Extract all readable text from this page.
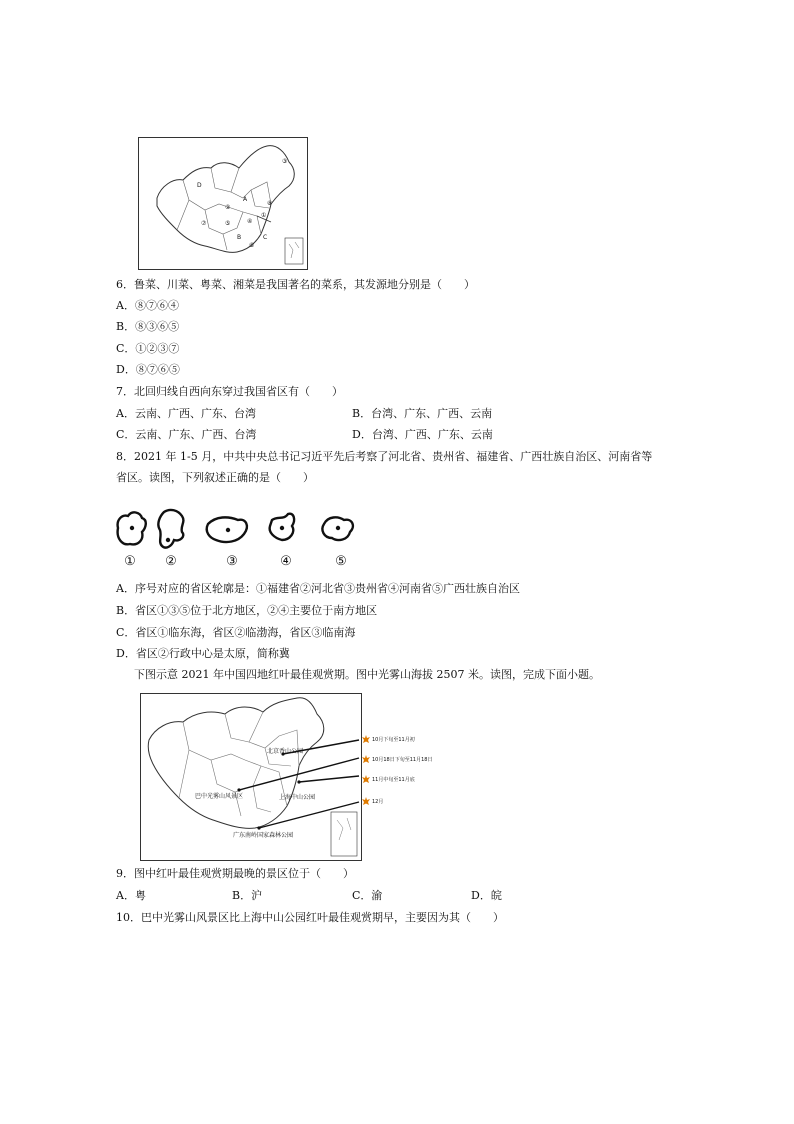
③
D
A
B	C
⑦
②
④
⑤
⑥
⑧
①
6．鲁菜、川菜、粤菜、湘菜是我国著名的菜系，其发源地分别是（　　）
A．⑧⑦⑥④
B．⑧③⑥⑤
C．①②③⑦
D．⑧⑦⑥⑤
7．北回归线自西向东穿过我国省区有（　　）
A．云南、广西、广东、台湾	B．台湾、广东、广西、云南
C．云南、广东、广西、台湾	D．台湾、广西、广东、云南
8．2021 年 1-5 月，中共中央总书记习近平先后考察了河北省、贵州省、福建省、广西壮族自治区、河南省等
省区。读图，下列叙述正确的是（　　）
①	②	③	④	⑤
A．序号对应的省区轮廓是：①福建省②河北省③贵州省④河南省⑤广西壮族自治区
B．省区①③⑤位于北方地区，②④主要位于南方地区
C．省区①临东海，省区②临渤海，省区③临南海
D．省区②行政中心是太原，简称冀
下图示意 2021 年中国四地红叶最佳观赏期。图中光雾山海拔 2507 米。读图，完成下面小题。
北京香山公园
巴中光雾山风景区	上海中山公园
广东南岭国家森林公园
10月下旬至11月初
10月18日下旬至11月18日
11月中旬至11月底
12月
9．图中红叶最佳观赏期最晚的景区位于（　　）
A．粤	B．沪	C．渝	D．皖
10．巴中光雾山风景区比上海中山公园红叶最佳观赏期早，主要因为其（　　）
